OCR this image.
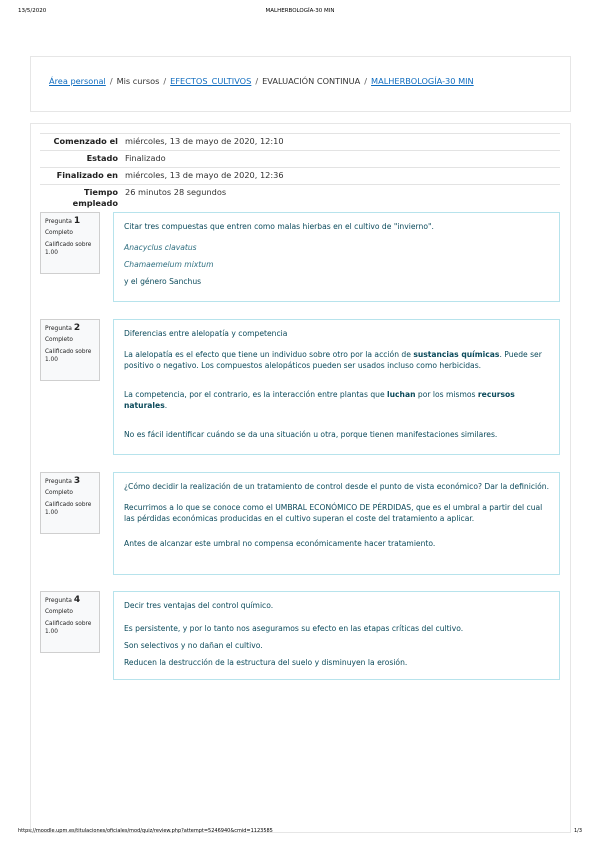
13/5/2020	MALHERBOLOGÍA-30 MIN
Área personal / Mis cursos / EFECTOS_CULTIVOS / EVALUACIÓN CONTINUA / MALHERBOLOGÍA-30 MIN
Comenzado el miércoles, 13 de mayo de 2020, 12:10
Estado Finalizado
Finalizado en miércoles, 13 de mayo de 2020, 12:36
Tiempo empleado
26 minutos 28 segundos
Pregunta 1
Completo
Calificado sobre 1.00

Citar tres compuestas que entren como malas hierbas en el cultivo de "invierno".

Anacyclus clavatus

Chamaemelum mixtum

y el género Sanchus

Pregunta 2
Completo
Calificado sobre 1.00

Diferencias entre alelopatía y competencia

La alelopatía es el efecto que tiene un individuo sobre otro por la acción de sustancias químicas. Puede ser positivo o negativo. Los compuestos alelopáticos pueden ser usados incluso como herbicidas.

La competencia, por el contrario, es la interacción entre plantas que luchan por los mismos recursos naturales.

No es fácil identificar cuándo se da una situación u otra, porque tienen manifestaciones similares.

Pregunta 3
Completo
Calificado sobre 1.00

¿Cómo decidir la realización de un tratamiento de control desde el punto de vista económico? Dar la definición.

Recurrimos a lo que se conoce como el UMBRAL ECONÓMICO DE PÉRDIDAS, que es el umbral a partir del cual las pérdidas económicas producidas en el cultivo superan el coste del tratamiento a aplicar.

Antes de alcanzar este umbral no compensa económicamente hacer tratamiento.

Pregunta 4
Completo
Calificado sobre 1.00

Decir tres ventajas del control químico.

Es persistente, y por lo tanto nos aseguramos su efecto en las etapas críticas del cultivo.

Son selectivos y no dañan el cultivo.

Reducen la destrucción de la estructura del suelo y disminuyen la erosión.

https://moodle.upm.es/titulaciones/oficiales/mod/quiz/review.php?attempt=5246940&cmid=1123585	1/3
